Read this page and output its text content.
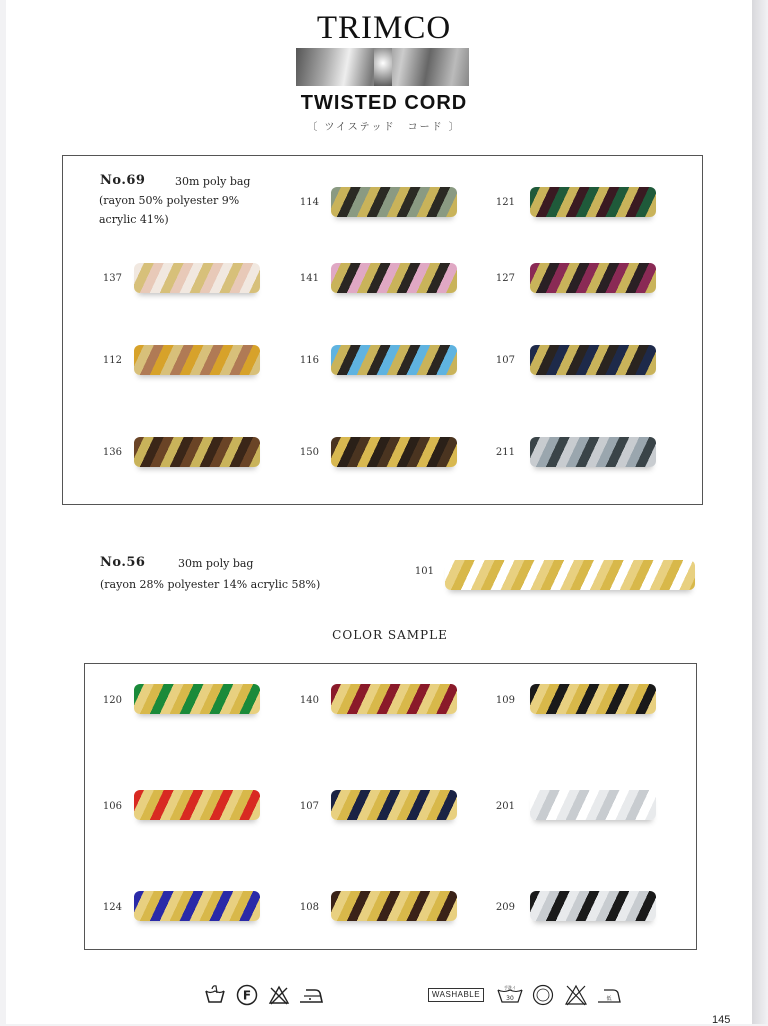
TRIMCO
TWISTED CORD
〔 ツイステッド　コード 〕
No.69	30m poly bag
(rayon 50% polyester 9%
acrylic 41%)
114	121
137	141	127
112	116	107
136	150	211
No.56	30m poly bag
(rayon 28% polyester 14% acrylic 58%)
101
COLOR SAMPLE
120	140	109
106	107	201
124	108	209
F	WASHABLE	30
手洗イ
低
145
